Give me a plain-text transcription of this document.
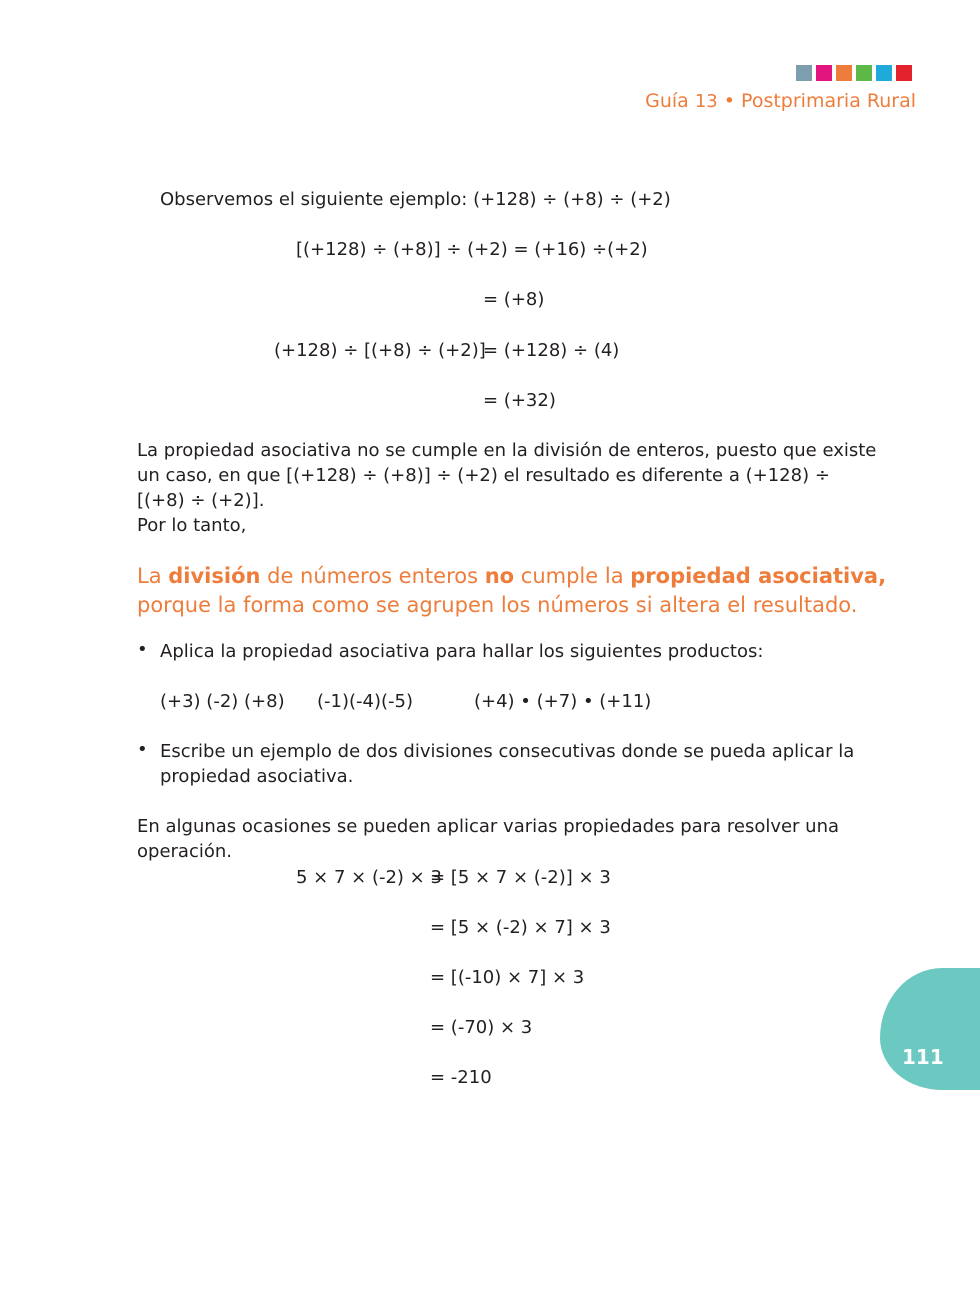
Guía 13 • Postprimaria Rural
Observemos el siguiente ejemplo: (+128) ÷ (+8) ÷ (+2)
[(+128) ÷ (+8)] ÷ (+2) = (+16) ÷(+2)
= (+8)
(+128) ÷ [(+8) ÷ (+2)]
= (+128) ÷ (4)
= (+32)
La propiedad asociativa no se cumple en la división de enteros, puesto que existe un caso, en que [(+128) ÷ (+8)] ÷ (+2) el resultado es diferente a (+128) ÷ [(+8) ÷ (+2)].
Por lo tanto,
La división de números enteros no cumple la propiedad asociativa,
porque la forma como se agrupen los números si altera el resultado.
• Aplica la propiedad asociativa para hallar los siguientes productos:
(+3) (-2) (+8) (-1)(-4)(-5)	(+4) • (+7) • (+11)
• Escribe un ejemplo de dos divisiones consecutivas donde se pueda aplicar la propiedad asociativa.
En algunas ocasiones se pueden aplicar varias propiedades para resolver una operación.
5 × 7 × (-2) × 3
= [5 × 7 × (-2)] × 3
= [5 × (-2) × 7] × 3
= [(-10) × 7] × 3
= (-70) × 3
= -210
111
